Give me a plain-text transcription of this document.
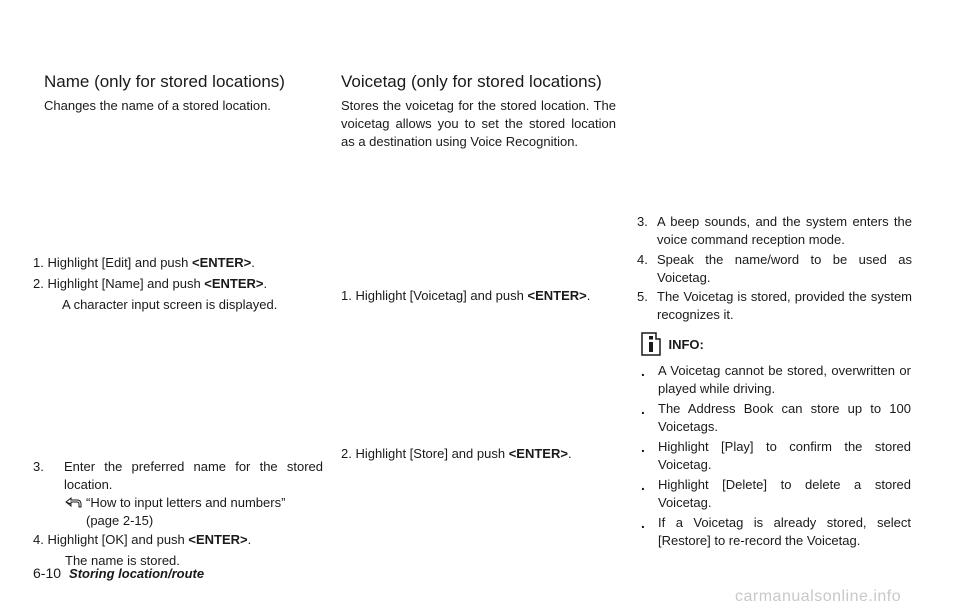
Name (only for stored locations)
Changes the name of a stored location.
1. Highlight [Edit] and push <ENTER>.
2. Highlight [Name] and push <ENTER>.
A character input screen is displayed.
3. Enter the preferred name for the stored location.
“How to input letters and numbers”
(page 2-15)
4. Highlight [OK] and push <ENTER>.
The name is stored.
6-10 Storing location/route
Voicetag (only for stored locations)
Stores the voicetag for the stored location. The voicetag allows you to set the stored location as a destination using Voice Recognition.
1. Highlight [Voicetag] and push <ENTER>.
2. Highlight [Store] and push <ENTER>.
3. A beep sounds, and the system enters the voice command reception mode.
4. Speak the name/word to be used as Voicetag.
5. The Voicetag is stored, provided the system recognizes it.
INFO:
. A Voicetag cannot be stored, overwritten or played while driving.
. The Address Book can store up to 100 Voicetags.
. Highlight [Play] to confirm the stored Voicetag.
. Highlight [Delete] to delete a stored Voicetag.
. If a Voicetag is already stored, select [Restore] to re-record the Voicetag.
carmanualsonline.info
